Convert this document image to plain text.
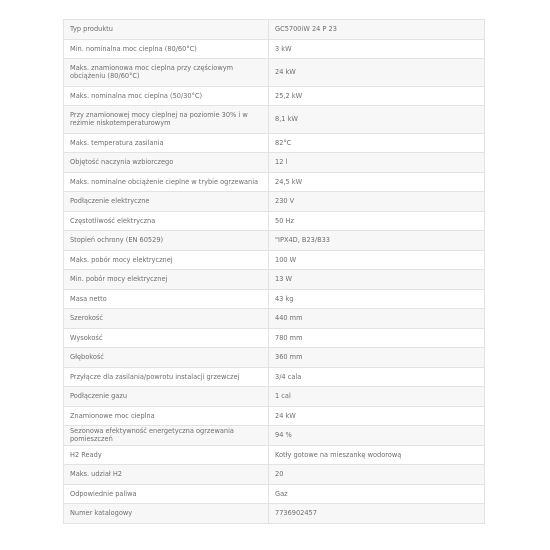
Typ produktu	GC5700iW 24 P 23
Min. nominalna moc cieplna (80/60°C)	3 kW
Maks. znamionowa moc cieplna przy częściowym obciążeniu (80/60°C)	24 kW
Maks. nominalna moc cieplna (50/30°C)	25,2 kW
Przy znamionowej mocy cieplnej na poziomie 30% i w reżimie niskotemperaturowym	8,1 kW
Maks. temperatura zasilania	82°C
Objętość naczynia wzbiorczego	12 l
Maks. nominalne obciążenie cieplne w trybie ogrzewania	24,5 kW
Podłączenie elektryczne	230 V
Częstotliwość elektryczna	50 Hz
Stopień ochrony (EN 60529)	"IPX4D, B23/B33
Maks. pobór mocy elektrycznej	100 W
Min. pobór mocy elektrycznej	13 W
Masa netto	43 kg
Szerokość	440 mm
Wysokość	780 mm
Głębokość	360 mm
Przyłącze dla zasilania/powrotu instalacji grzewczej	3/4 cala
Podłączenie gazu	1 cal
Znamionowe moc cieplna	24 kW
Sezonowa efektywność energetyczna ogrzewania pomieszczeń	94 %
H2 Ready	Kotły gotowe na mieszankę wodorową
Maks. udział H2	20
Odpowiednie paliwa	Gaz
Numer katalogowy	7736902457
